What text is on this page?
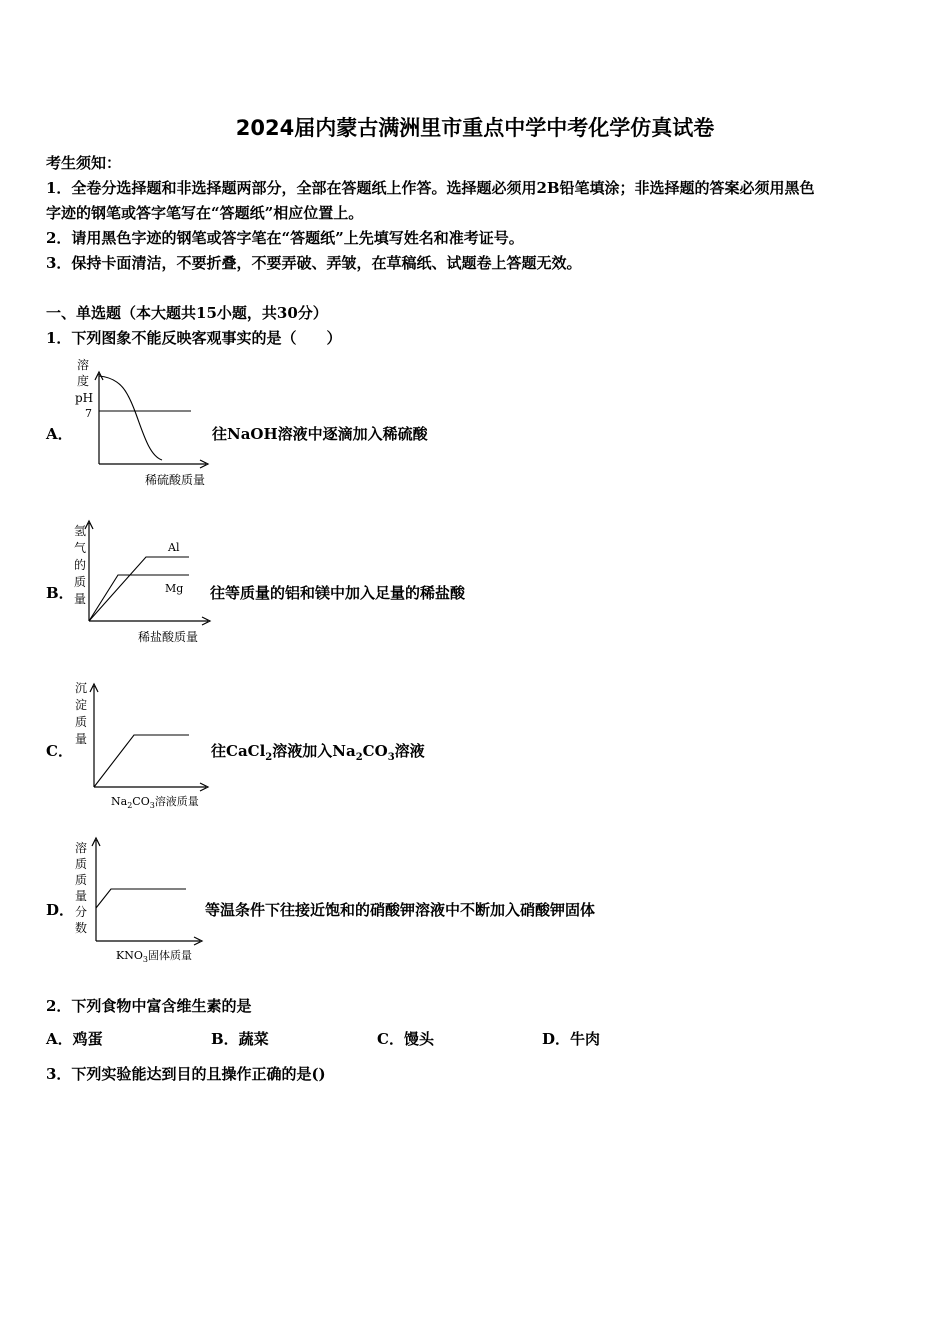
2024届内蒙古满洲里市重点中学中考化学仿真试卷
考生须知：
1．全卷分选择题和非选择题两部分，全部在答题纸上作答。选择题必须用2B铅笔填涂；非选择题的答案必须用黑色
字迹的钢笔或答字笔写在“答题纸”相应位置上。
2．请用黑色字迹的钢笔或答字笔在“答题纸”上先填写姓名和准考证号。
3．保持卡面清洁，不要折叠，不要弄破、弄皱，在草稿纸、试题卷上答题无效。
一、单选题（本大题共15小题，共30分）
1．下列图象不能反映客观事实的是（　　）
A．
溶
度
pH
7
稀硫酸质量
往NaOH溶液中逐滴加入稀硫酸
B．
氢
气
的
质
量
Al
Mg
稀盐酸质量
往等质量的铝和镁中加入足量的稀盐酸
C．
沉
淀
质
量
$Na_2CO_3$溶液质量
往CaCl$_2$溶液加入$Na_2CO_3$溶液
D．
溶
质
质
量
分
数
$KNO_3$固体质量
等温条件下往接近饱和的硝酸钾溶液中不断加入硝酸钾固体
2．下列食物中富含维生素的是
A．鸡蛋	B．蔬菜	C．馒头	D．牛肉
3．下列实验能达到目的且操作正确的是()
